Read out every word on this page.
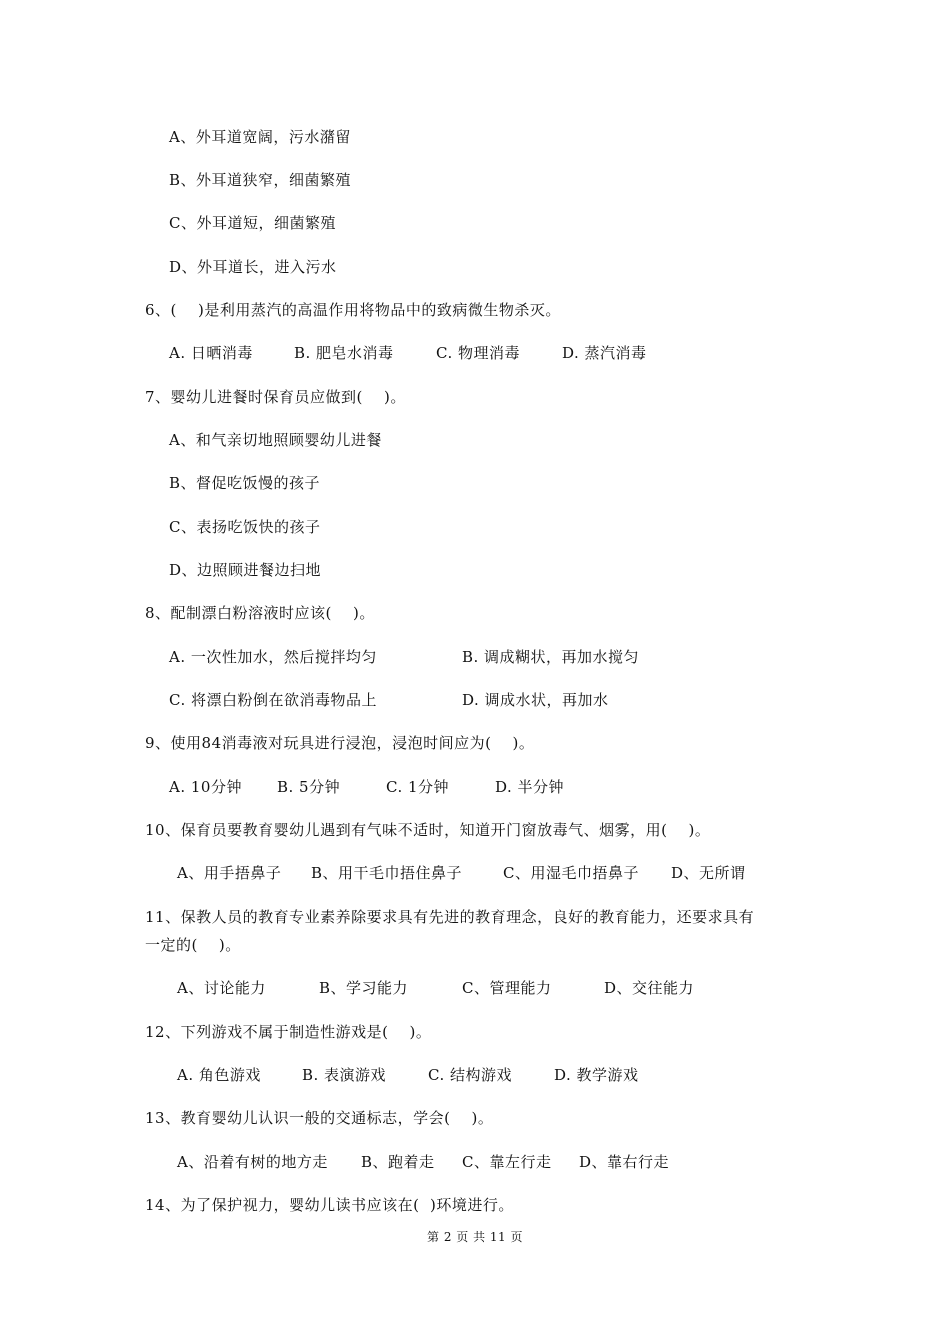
A、外耳道宽阔，污水潴留
B、外耳道狭窄，细菌繁殖
C、外耳道短，细菌繁殖
D、外耳道长，进入污水
6、(    )是利用蒸汽的高温作用将物品中的致病微生物杀灭。
A. 日晒消毒	B. 肥皂水消毒	C. 物理消毒	D. 蒸汽消毒
7、婴幼儿进餐时保育员应做到(    )。
A、和气亲切地照顾婴幼儿进餐
B、督促吃饭慢的孩子
C、表扬吃饭快的孩子
D、边照顾进餐边扫地
8、配制漂白粉溶液时应该(    )。
A. 一次性加水，然后搅拌均匀	B. 调成糊状，再加水搅匀
C. 将漂白粉倒在欲消毒物品上	D. 调成水状，再加水
9、使用84消毒液对玩具进行浸泡，浸泡时间应为(    )。
A. 10分钟 B. 5分钟	C. 1分钟	D. 半分钟
10、保育员要教育婴幼儿遇到有气味不适时，知道开门窗放毒气、烟雾，用(    )。
A、用手捂鼻子 B、用干毛巾捂住鼻子	C、用湿毛巾捂鼻子 D、无所谓
11、保教人员的教育专业素养除要求具有先进的教育理念，良好的教育能力，还要求具有
一定的(    )。
A、讨论能力	B、学习能力	C、管理能力	D、交往能力
12、下列游戏不属于制造性游戏是(    )。
A. 角色游戏	B. 表演游戏	C. 结构游戏	D. 教学游戏
13、教育婴幼儿认识一般的交通标志，学会(    )。
A、沿着有树的地方走 B、跑着走 C、靠左行走 D、靠右行走
14、为了保护视力，婴幼儿读书应该在(  )环境进行。
第 2 页 共 11 页
